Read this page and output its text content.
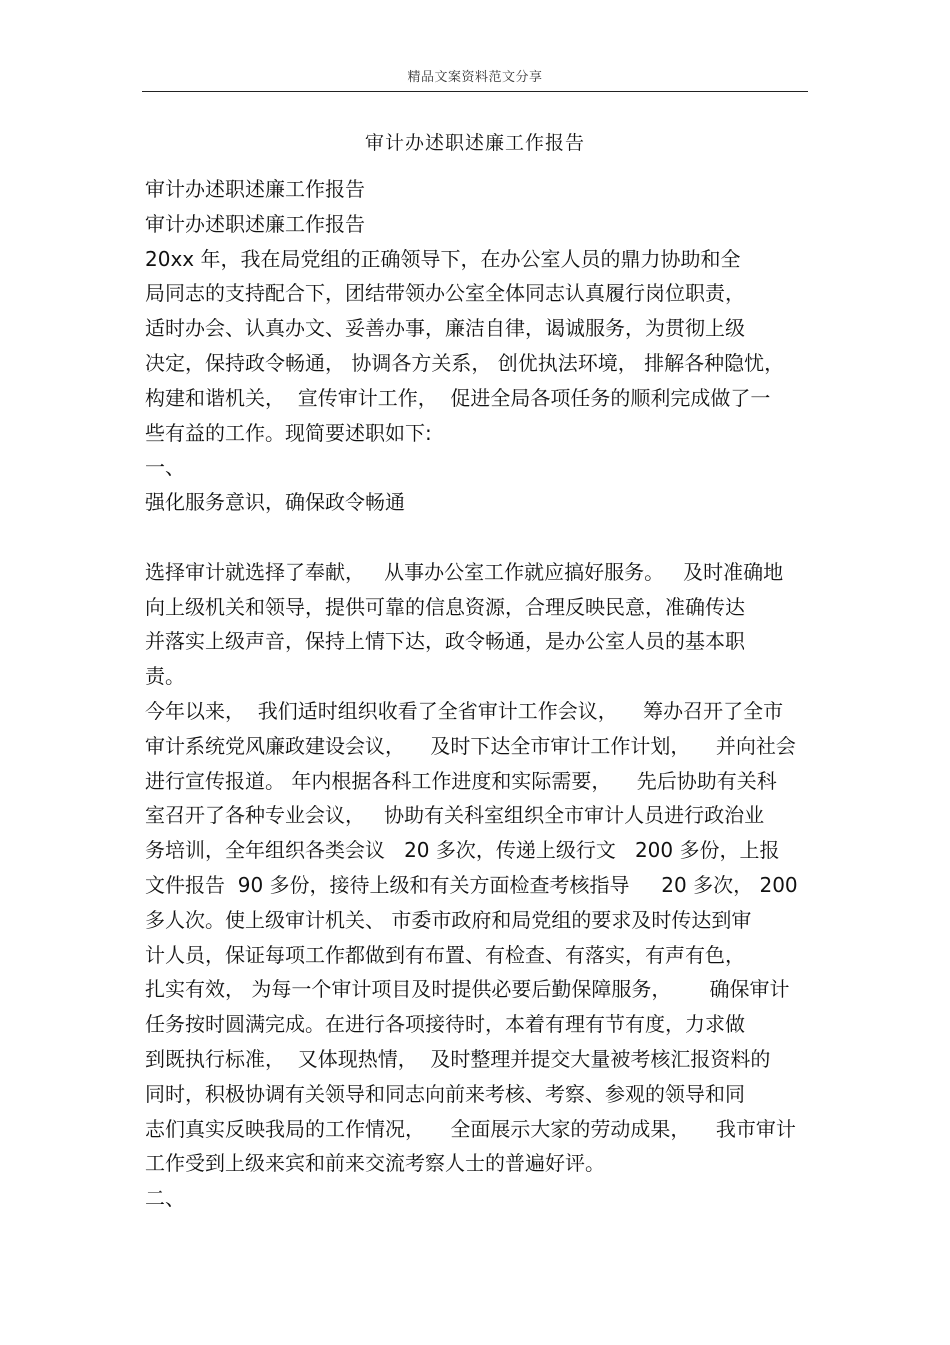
精品文案资料范文分享
审计办述职述廉工作报告
审计办述职述廉工作报告
审计办述职述廉工作报告
20xx 年，我在局党组的正确领导下，在办公室人员的鼎力协助和全
局同志的支持配合下，团结带领办公室全体同志认真履行岗位职责，
适时办会、认真办文、妥善办事，廉洁自律，谒诚服务，为贯彻上级
决定，保持政令畅通， 协调各方关系， 创优执法环境， 排解各种隐忧，
构建和谐机关，  宣传审计工作，  促进全局各项任务的顺利完成做了一
些有益的工作。现简要述职如下:
一、
强化服务意识，确保政令畅通
选择审计就选择了奉献，   从事办公室工作就应搞好服务。   及时准确地
向上级机关和领导，提供可靠的信息资源，合理反映民意，准确传达
并落实上级声音，保持上情下达，政令畅通，是办公室人员的基本职
责。
今年以来，  我们适时组织收看了全省审计工作会议，    筹办召开了全市
审计系统党风廉政建设会议，    及时下达全市审计工作计划，    并向社会
进行宣传报道。 年内根据各科工作进度和实际需要，    先后协助有关科
室召开了各种专业会议，   协助有关科室组织全市审计人员进行政治业
务培训，全年组织各类会议   20 多次，传递上级行文   200 多份，上报
文件报告  90 多份，接待上级和有关方面检查考核指导     20 多次， 200
多人次。使上级审计机关、 市委市政府和局党组的要求及时传达到审
计人员，保证每项工作都做到有布置、有检查、有落实，有声有色，
扎实有效， 为每一个审计项目及时提供必要后勤保障服务，      确保审计
任务按时圆满完成。在进行各项接待时，本着有理有节有度，力求做
到既执行标准，  又体现热情，  及时整理并提交大量被考核汇报资料的
同时，积极协调有关领导和同志向前来考核、考察、参观的领导和同
志们真实反映我局的工作情况，    全面展示大家的劳动成果，    我市审计
工作受到上级来宾和前来交流考察人士的普遍好评。
二、
